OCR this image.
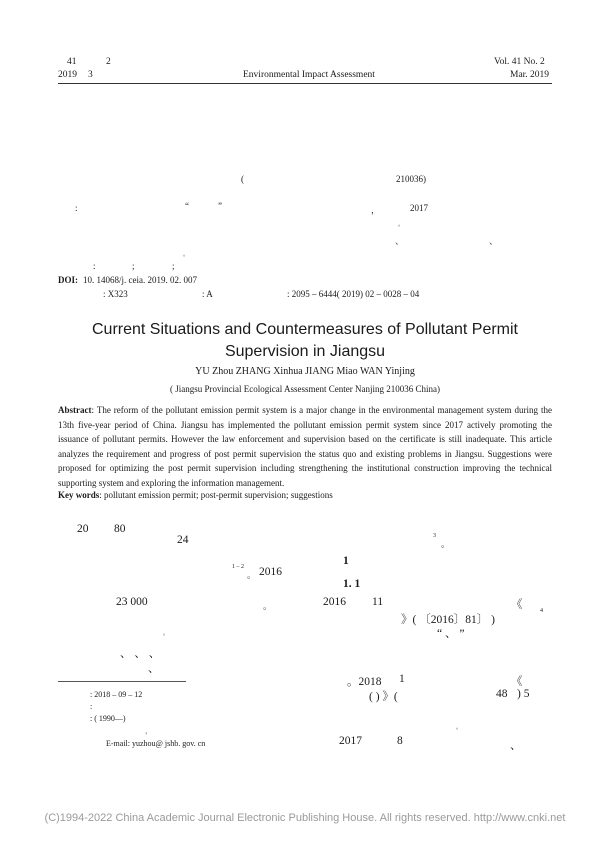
41	2
2019 3	Environmental Impact Assessment
Vol. 41 No. 2
Mar. 2019
(	210036)
:	“	”	，	2017
。
、	、
。
:	;	;
DOI: 10. 14068/j. ceia. 2019. 02. 007
: X323	: A	: 2095 – 6444( 2019) 02 – 0028 – 04
Current Situations and Countermeasures of Pollutant Permit
Supervision in Jiangsu
YU Zhou ZHANG Xinhua JIANG Miao WAN Yinjing
( Jiangsu Provincial Ecological Assessment Center Nanjing 210036 China)
Abstract: The reform of the pollutant emission permit system is a major change in the environmental management system during the 13th five-year period of China. Jiangsu has implemented the pollutant emission permit system since 2017 actively promoting the issuance of pollutant permits. However the law enforcement and supervision based on the certificate is still inadequate. This article analyzes the requirement and progress of post permit supervision the status quo and existing problems in Jiangsu. Suggestions were proposed for optimizing the post permit supervision including strengthening the institutional construction improving the technical supporting system and exploring the information management.
Key words: pollutant emission permit; post-permit supervision; suggestions
20 80
24	3
。
1 – 2
。 2016
1
1. 1
23 000	。	2016 11	《
》( 〔2016〕81〕 )
4
。	“ 、 ”
、 、 、
、
。2018 1	《
( ) 》(	48 ) 5
。
2017	8	、
: 2018 – 09 – 12
:
: ( 1990—)
，
E-mail: yuzhou@ jshb. gov. cn
(C)1994-2022 China Academic Journal Electronic Publishing House. All rights reserved. http://www.cnki.net
